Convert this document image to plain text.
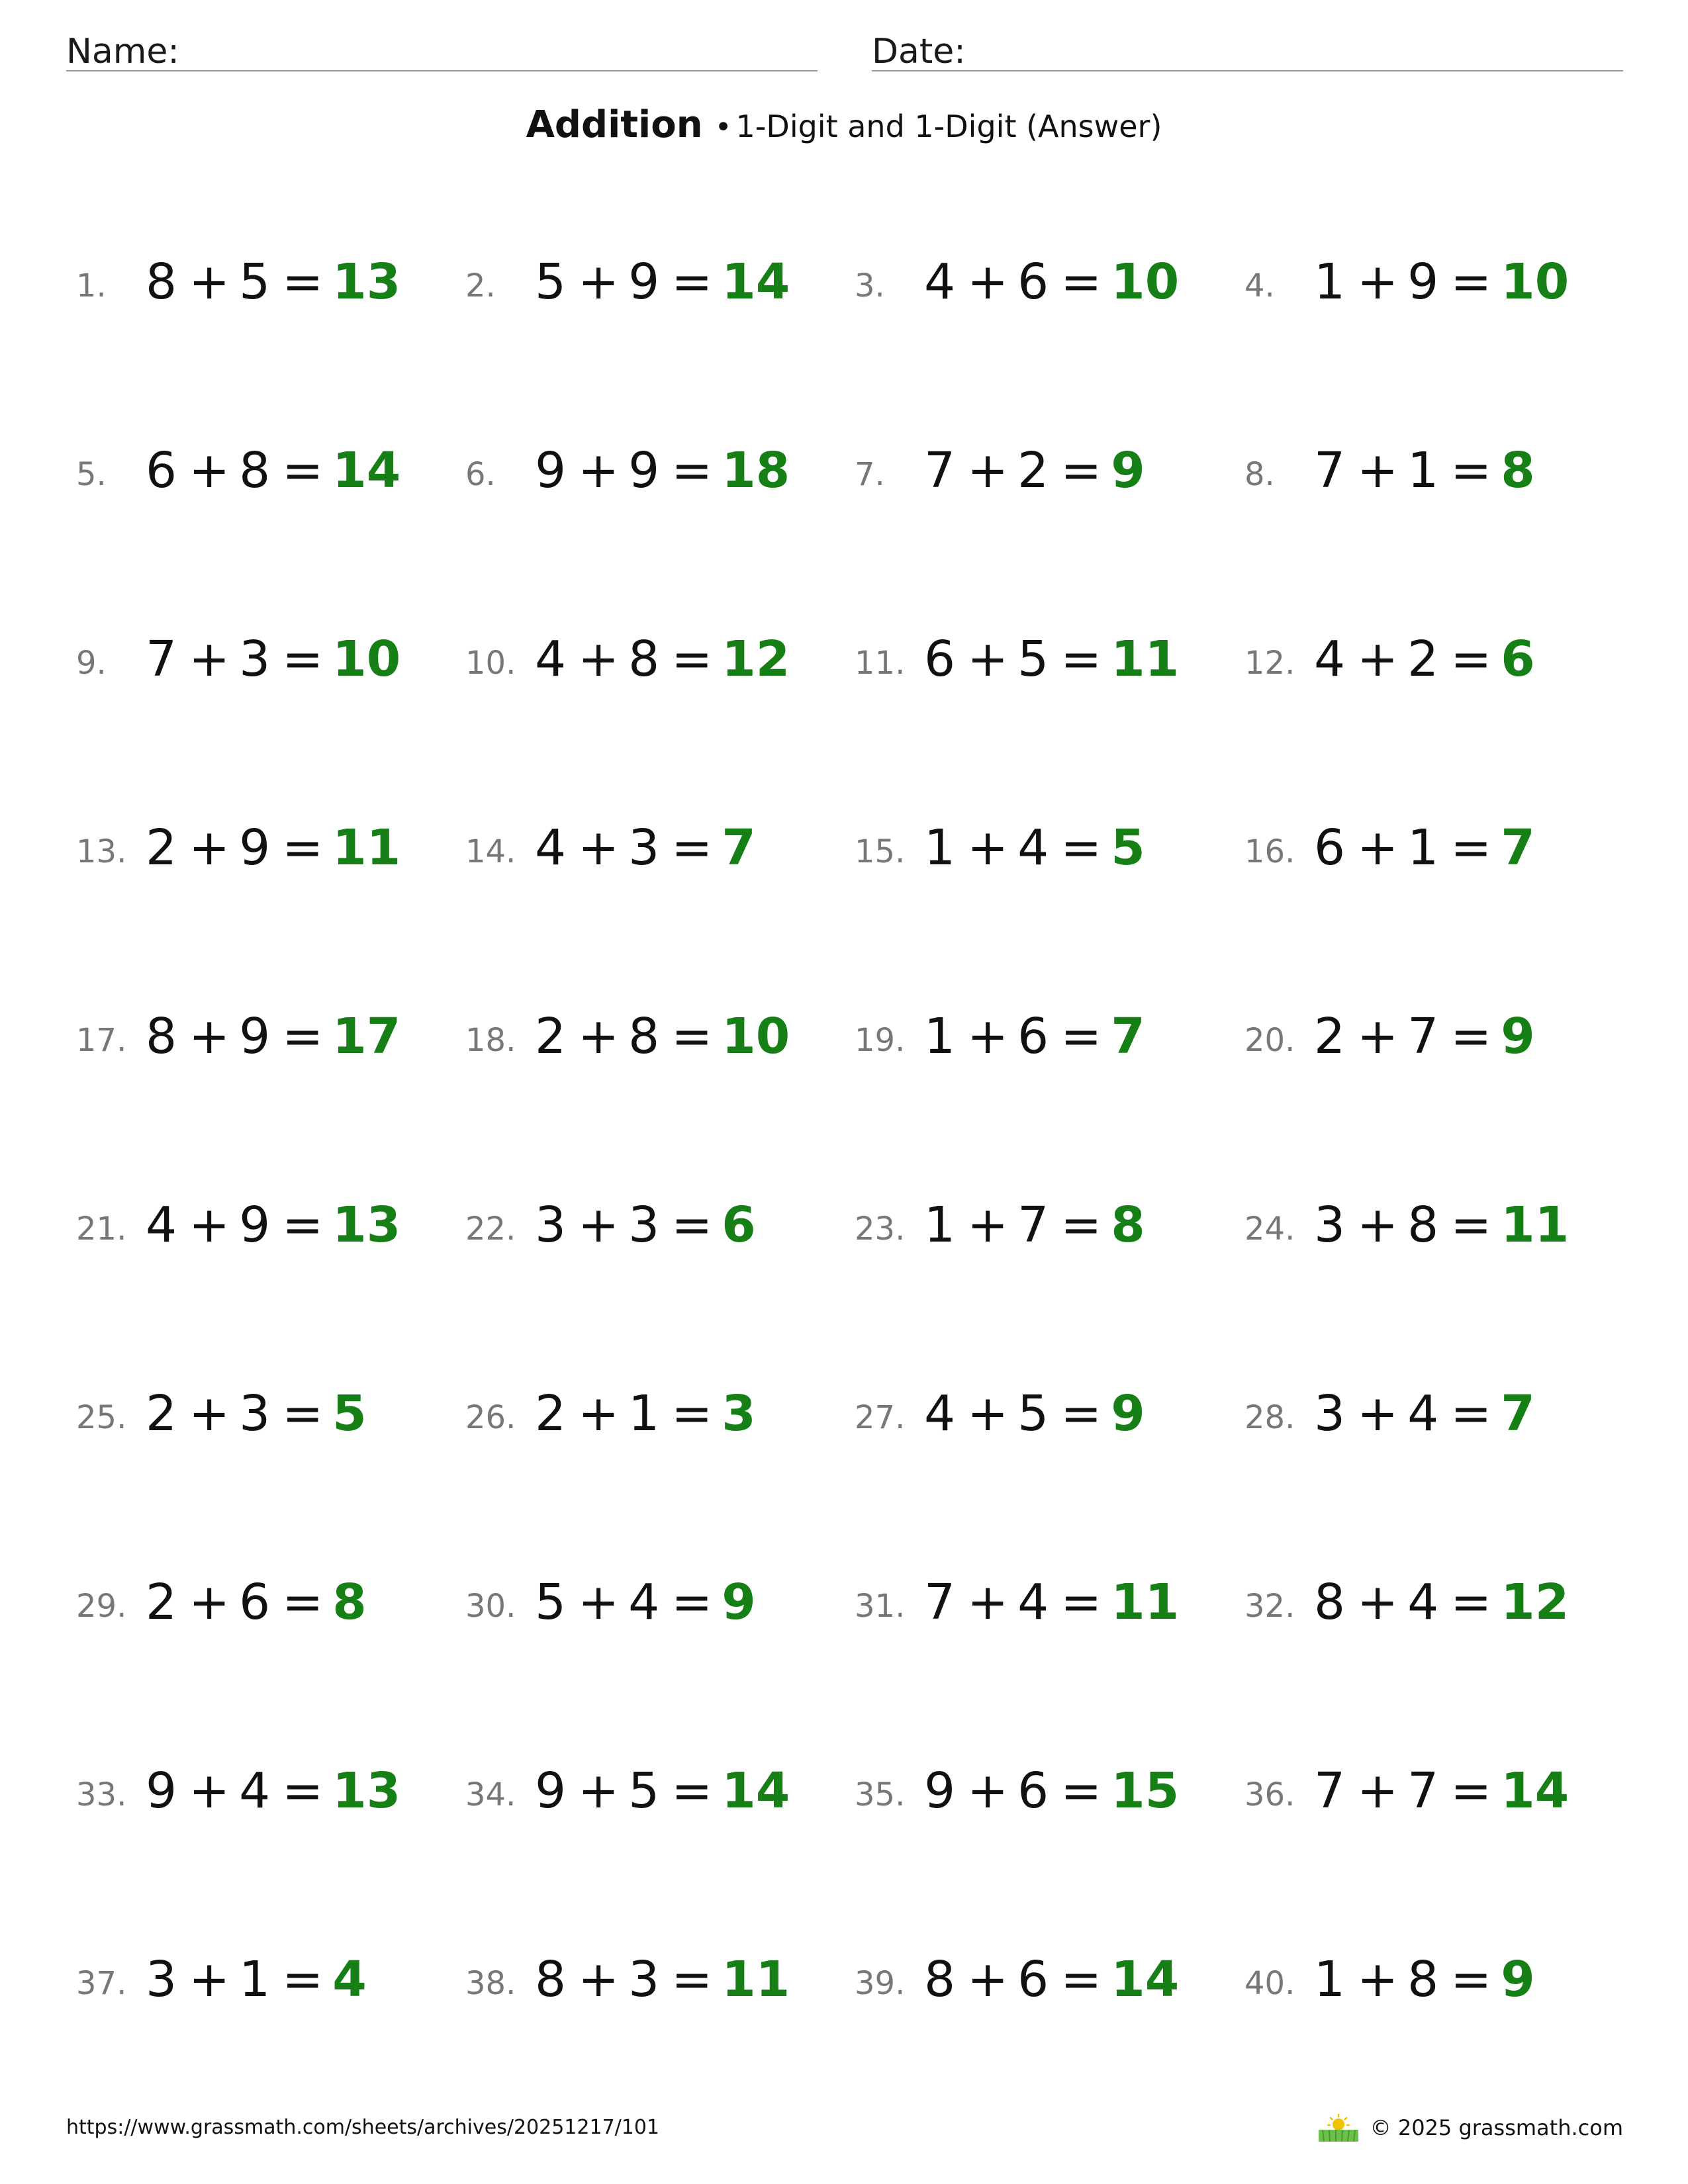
Name:	Date:
Addition • 1-Digit and 1-Digit (Answer)
1. 8 + 5 = 13 2. 5 + 9 = 14 3. 4 + 6 = 10 4. 1 + 9 = 10
5. 6 + 8 = 14 6. 9 + 9 = 18 7. 7 + 2 = 9	8. 7 + 1 = 8
9. 7 + 3 = 10 10. 4 + 8 = 12 11. 6 + 5 = 11 12. 4 + 2 = 6
13. 2 + 9 = 11 14. 4 + 3 = 7	15. 1 + 4 = 5	16. 6 + 1 = 7
17. 8 + 9 = 17 18. 2 + 8 = 10 19. 1 + 6 = 7	20. 2 + 7 = 9
21. 4 + 9 = 13 22. 3 + 3 = 6	23. 1 + 7 = 8	24. 3 + 8 = 11
25. 2 + 3 = 5	26. 2 + 1 = 3	27. 4 + 5 = 9	28. 3 + 4 = 7
29. 2 + 6 = 8	30. 5 + 4 = 9	31. 7 + 4 = 11 32. 8 + 4 = 12
33. 9 + 4 = 13 34. 9 + 5 = 14 35. 9 + 6 = 15 36. 7 + 7 = 14
37. 3 + 1 = 4	38. 8 + 3 = 11 39. 8 + 6 = 14 40. 1 + 8 = 9
https://www.grassmath.com/sheets/archives/20251217/101	© 2025 grassmath.com
